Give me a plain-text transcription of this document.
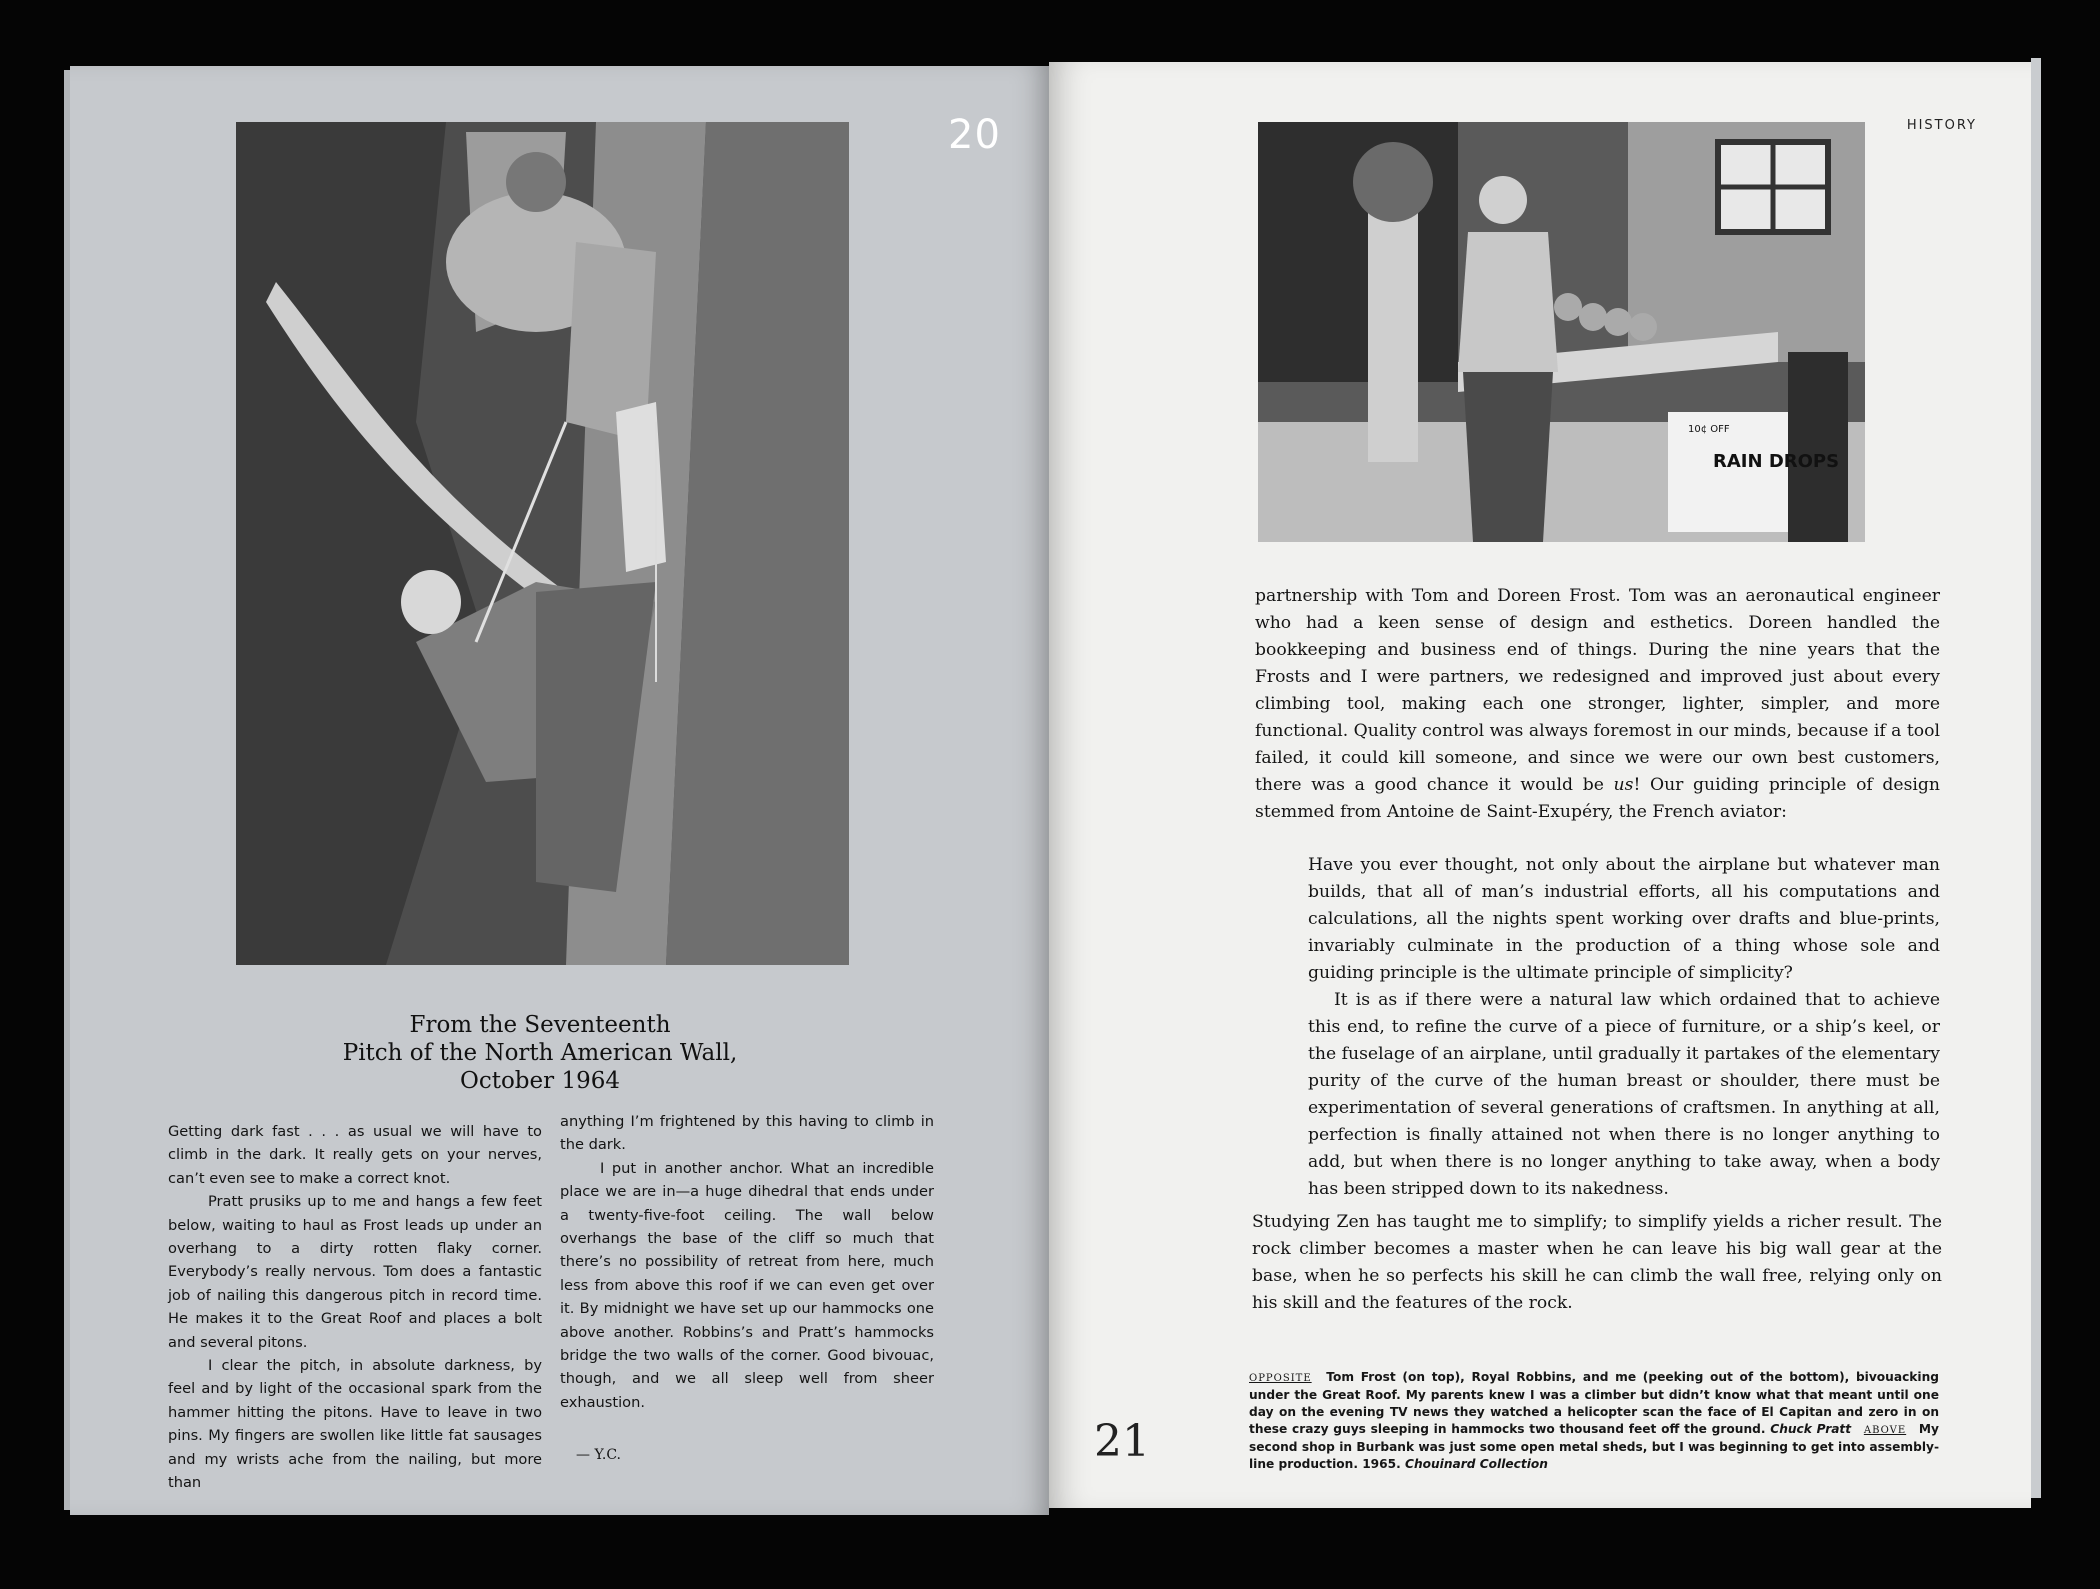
20
From the Seventeenth
Pitch of the North American Wall,
October 1964

Getting dark fast . . . as usual we will have to climb in the dark. It really gets on your nerves, can’t even see to make a correct knot.

Pratt prusiks up to me and hangs a few feet below, waiting to haul as Frost leads up under an overhang to a dirty rotten flaky corner. Everybody’s really nervous. Tom does a fantastic job of nailing this dangerous pitch in record time. He makes it to the Great Roof and places a bolt and several pitons.

I clear the pitch, in absolute darkness, by feel and by light of the occasional spark from the hammer hitting the pitons. Have to leave in two pins. My fingers are swollen like little fat sausages and my wrists ache from the nailing, but more than

anything I’m frightened by this having to climb in the dark.

I put in another anchor. What an incredible place we are in—a huge dihedral that ends under a twenty-five-foot ceiling. The wall below overhangs the base of the cliff so much that there’s no possibility of retreat from here, much less from above this roof if we can even get over it. By midnight we have set up our hammocks one above another. Robbins’s and Pratt’s hammocks bridge the two walls of the corner. Good bivouac, though, and we all sleep well from sheer exhaustion.

— Y.C.

HISTORY
10¢ OFF
RAIN DROPS

partnership with Tom and Doreen Frost. Tom was an aeronautical engineer who had a keen sense of design and esthetics. Doreen handled the bookkeeping and business end of things. During the nine years that the Frosts and I were partners, we redesigned and improved just about every climbing tool, making each one stronger, lighter, simpler, and more functional. Quality control was always foremost in our minds, because if a tool failed, it could kill someone, and since we were our own best customers, there was a good chance it would be us! Our guiding principle of design stemmed from Antoine de Saint-Exupéry, the French aviator:

Have you ever thought, not only about the airplane but whatever man builds, that all of man’s industrial efforts, all his computations and calculations, all the nights spent working over drafts and blue-prints, invariably culminate in the production of a thing whose sole and guiding principle is the ultimate principle of simplicity?

It is as if there were a natural law which ordained that to achieve this end, to refine the curve of a piece of furniture, or a ship’s keel, or the fuselage of an airplane, until gradually it partakes of the elementary purity of the curve of the human breast or shoulder, there must be experimentation of several generations of craftsmen. In anything at all, perfection is finally attained not when there is no longer anything to add, but when there is no longer anything to take away, when a body has been stripped down to its nakedness.

Studying Zen has taught me to simplify; to simplify yields a richer result. The rock climber becomes a master when he can leave his big wall gear at the base, when he so perfects his skill he can climb the wall free, relying only on his skill and the features of the rock.

21
OPPOSITE Tom Frost (on top), Royal Robbins, and me (peeking out of the bottom), bivouacking under the Great Roof. My parents knew I was a climber but didn’t know what that meant until one day on the evening TV news they watched a helicopter scan the face of El Capitan and zero in on these crazy guys sleeping in hammocks two thousand feet off the ground. Chuck Pratt ABOVE My second shop in Burbank was just some open metal sheds, but I was beginning to get into assembly-line production. 1965. Chouinard Collection
